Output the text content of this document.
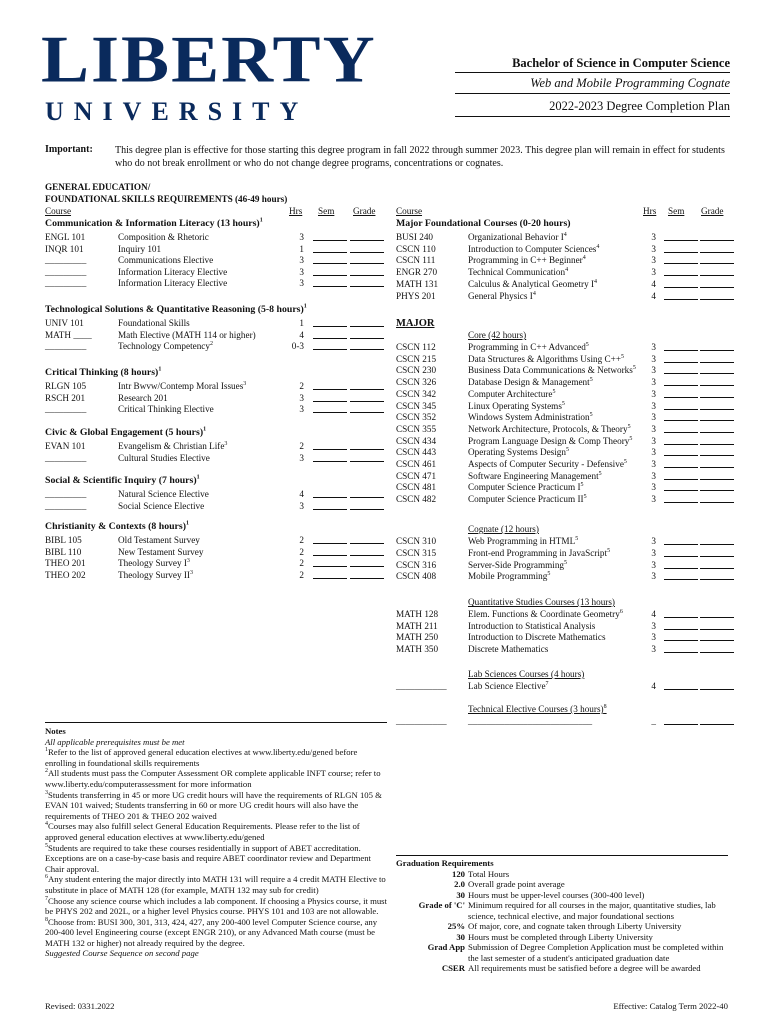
LIBERTY
UNIVERSITY
Bachelor of Science in Computer Science
Web and Mobile Programming Cognate
2022-2023 Degree Completion Plan
Important: This degree plan is effective for those starting this degree program in fall 2022 through summer 2023. This degree plan will remain in effect for students who do not break enrollment or who do not change degree programs, concentrations or cognates.
GENERAL EDUCATION/
FOUNDATIONAL SKILLS REQUIREMENTS (46-49 hours)
Course	Hrs Sem Grade
Communication & Information Literacy (13 hours)$^1$
ENGL 101	Composition & Rhetoric	3
INQR 101	Inquiry 101	1
_________	Communications Elective	3
_________	Information Literacy Elective	3
_________	Information Literacy Elective	3
Technological Solutions & Quantitative Reasoning (5-8 hours)$^1$
UNIV 101	Foundational Skills	1
MATH ____	Math Elective (MATH 114 or higher)	4
_________	Technology Competency$^2$	0-3
Critical Thinking (8 hours)$^1$
RLGN 105	Intr Bwvw/Contemp Moral Issues$^3$	2
RSCH 201	Research 201	3
_________	Critical Thinking Elective	3
Civic & Global Engagement (5 hours)$^1$
EVAN 101	Evangelism & Christian Life$^3$	2
_________	Cultural Studies Elective	3
Social & Scientific Inquiry (7 hours)$^1$
_________	Natural Science Elective	4
_________	Social Science Elective	3
Christianity & Contexts (8 hours)$^1$
BIBL 105	Old Testament Survey	2
BIBL 110	New Testament Survey	2
THEO 201	Theology Survey $I^3$	2
THEO 202	Theology Survey $II^3$	2
Course	Hrs Sem Grade
Major Foundational Courses (0-20 hours)
BUSI 240	Organizational Behavior $I^4$	3
CSCN 110	Introduction to Computer Sciences$^4$	3
CSCN 111	Programming in C++ Beginner$^4$	3
ENGR 270	Technical Communication$^4$	3
MATH 131	Calculus & Analytical Geometry $I^4$	4
PHYS 201	General Physics $I^4$	4
MAJOR
Core (42 hours)
CSCN 112	Programming in C++ Advanced$^5$	3
CSCN 215	Data Structures & Algorithms Using C++$^5$	3
CSCN 230	Business Data Communications & Networks$^5$	3
CSCN 326	Database Design & Management$^5$	3
CSCN 342	Computer Architecture$^5$	3
CSCN 345	Linux Operating Systems$^5$	3
CSCN 352	Windows System Administration$^5$	3
CSCN 355	Network Architecture, Protocols, & Theory$^5$	3
CSCN 434	Program Language Design & Comp Theory$^5$	3
CSCN 443	Operating Systems Design$^5$	3
CSCN 461	Aspects of Computer Security - Defensive$^5$	3
CSCN 471	Software Engineering Management$^5$	3
CSCN 481	Computer Science Practicum $I^5$	3
CSCN 482	Computer Science Practicum $II^5$	3
Cognate (12 hours)
CSCN 310	Web Programming in HTML$^5$	3
CSCN 315	Front-end Programming in JavaScript$^5$	3
CSCN 316	Server-Side Programming$^5$	3
CSCN 408	Mobile Programming$^5$	3
Quantitative Studies Courses (13 hours)
MATH 128	Elem. Functions & Coordinate Geometry$^6$	4
MATH 211	Introduction to Statistical Analysis	3
MATH 250	Introduction to Discrete Mathematics	3
MATH 350	Discrete Mathematics	3
Lab Sciences Courses (4 hours)
___________ Lab Science Elective$^7$	4
Technical Elective Courses (3 hours)$^8$
___________ ___________________________	_
Notes

All applicable prerequisites must be met

$^1$Refer to the list of approved general education electives at www.liberty.edu/gened before enrolling in foundational skills requirements

$^2$All students must pass the Computer Assessment OR complete applicable INFT course; refer to www.liberty.edu/computerassessment for more information

$^3$Students transferring in 45 or more UG credit hours will have the requirements of RLGN 105 & EVAN 101 waived; Students transferring in 60 or more UG credit hours will also have the requirements of THEO 201 & THEO 202 waived

$^4$Courses may also fulfill select General Education Requirements. Please refer to the list of approved general education electives at www.liberty.edu/gened

$^5$Students are required to take these courses residentially in support of ABET accreditation. Exceptions are on a case-by-case basis and require ABET coordinator review and Department Chair approval.

$^6$Any student entering the major directly into MATH 131 will require a 4 credit MATH Elective to substitute in place of MATH 128 (for example, MATH 132 may sub for credit)

$^7$Choose any science course which includes a lab component. If choosing a Physics course, it must be PHYS 202 and 202L, or a higher level Physics course. PHYS 101 and 103 are not allowable.

$^8$Choose from: BUSI 300, 301, 313, 424, 427, any 200-400 level Computer Science course, any 200-400 level Engineering course (except ENGR 210), or any Advanced Math course (must be MATH 132 or higher) not already required by the degree.

Suggested Course Sequence on second page

Graduation Requirements
120 Total Hours
2.0 Overall grade point average
30 Hours must be upper-level courses (300-400 level)
Grade of 'C' Minimum required for all courses in the major, quantitative studies, lab science, technical elective, and major foundational sections
25% Of major, core, and cognate taken through Liberty University
30 Hours must be completed through Liberty University
Grad App Submission of Degree Completion Application must be completed within the last semester of a student's anticipated graduation date
CSER All requirements must be satisfied before a degree will be awarded
Revised: 0331.2022	Effective: Catalog Term 2022-40
